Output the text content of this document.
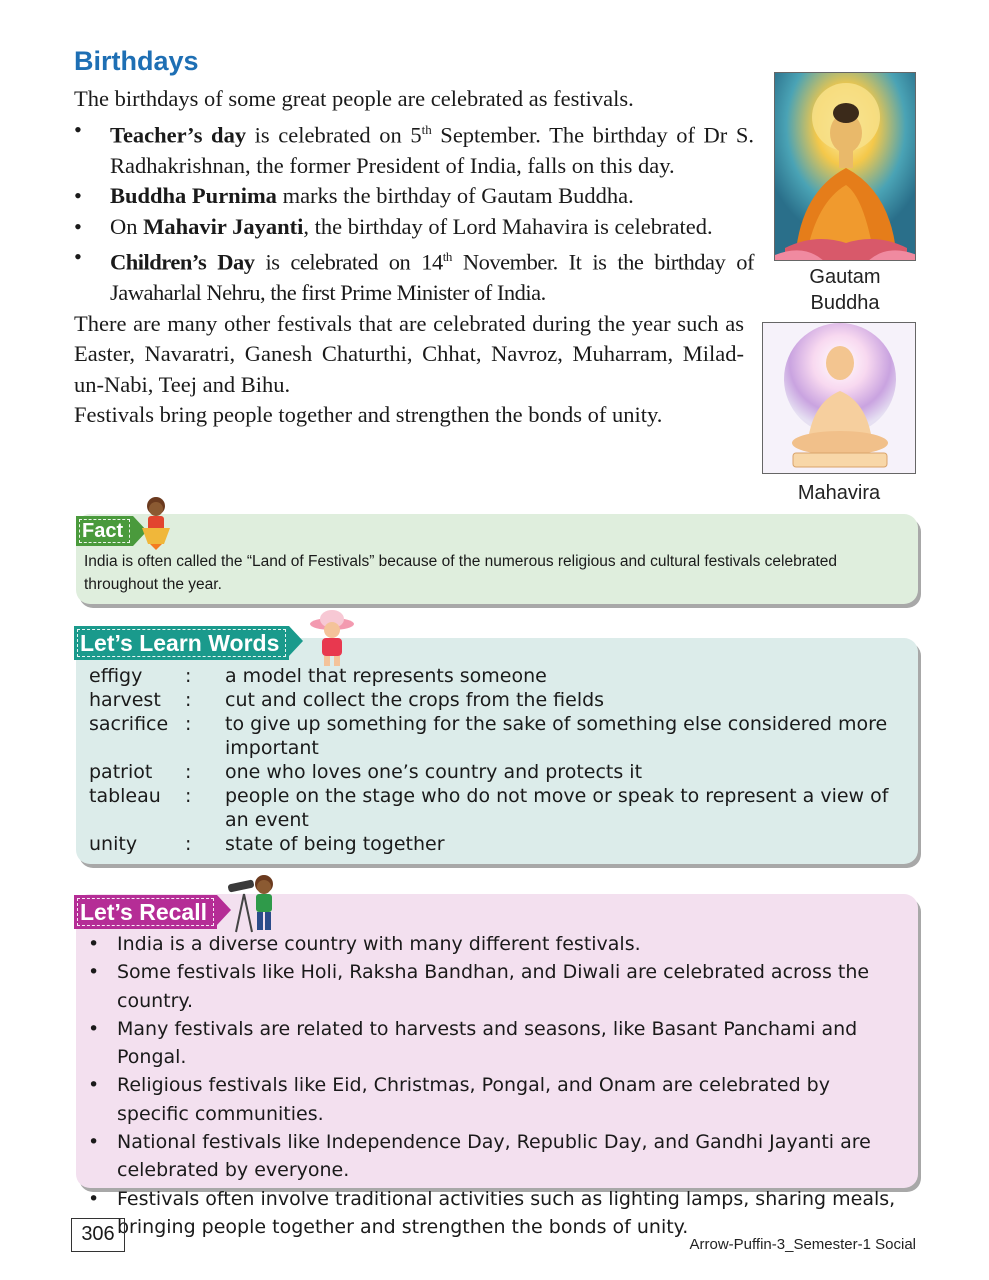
Birthdays

The birthdays of some great people are celebrated as festivals.

• Teacher’s day is celebrated on 5th September. The birthday of Dr S. Radhakrishnan, the former President of India, falls on this day.
• Buddha Purnima marks the birthday of Gautam Buddha.
• On Mahavir Jayanti, the birthday of Lord Mahavira is celebrated.
• Children’s Day is celebrated on 14th November. It is the birthday of Jawaharlal Nehru, the first Prime Minister of India.

There are many other festivals that are celebrated during the year such as Easter, Navaratri, Ganesh Chaturthi, Chhat, Navroz, Muharram, Milad-un-Nabi, Teej and Bihu.

Festivals bring people together and strengthen the bonds of unity.

Gautam Buddha
Mahavira
Fact
India is often called the “Land of Festivals” because of the numerous religious and cultural festivals celebrated throughout the year.
Let’s Learn Words
effigy	:	a model that represents someone
harvest	:	cut and collect the crops from the fields
sacrifice :	to give up something for the sake of something else considered more important
patriot	:	one who loves one’s country and protects it
tableau	:	people on the stage who do not move or speak to represent a view of an event
unity	:	state of being together
Let’s Recall
• India is a diverse country with many different festivals.
• Some festivals like Holi, Raksha Bandhan, and Diwali are celebrated across the country.
• Many festivals are related to harvests and seasons, like Basant Panchami and Pongal.
• Religious festivals like Eid, Christmas, Pongal, and Onam are celebrated by specific communities.
• National festivals like Independence Day, Republic Day, and Gandhi Jayanti are celebrated by everyone.
• Festivals often involve traditional activities such as lighting lamps, sharing meals, bringing people together and strengthen the bonds of unity.
306	Arrow-Puffin-3_Semester-1 Social
